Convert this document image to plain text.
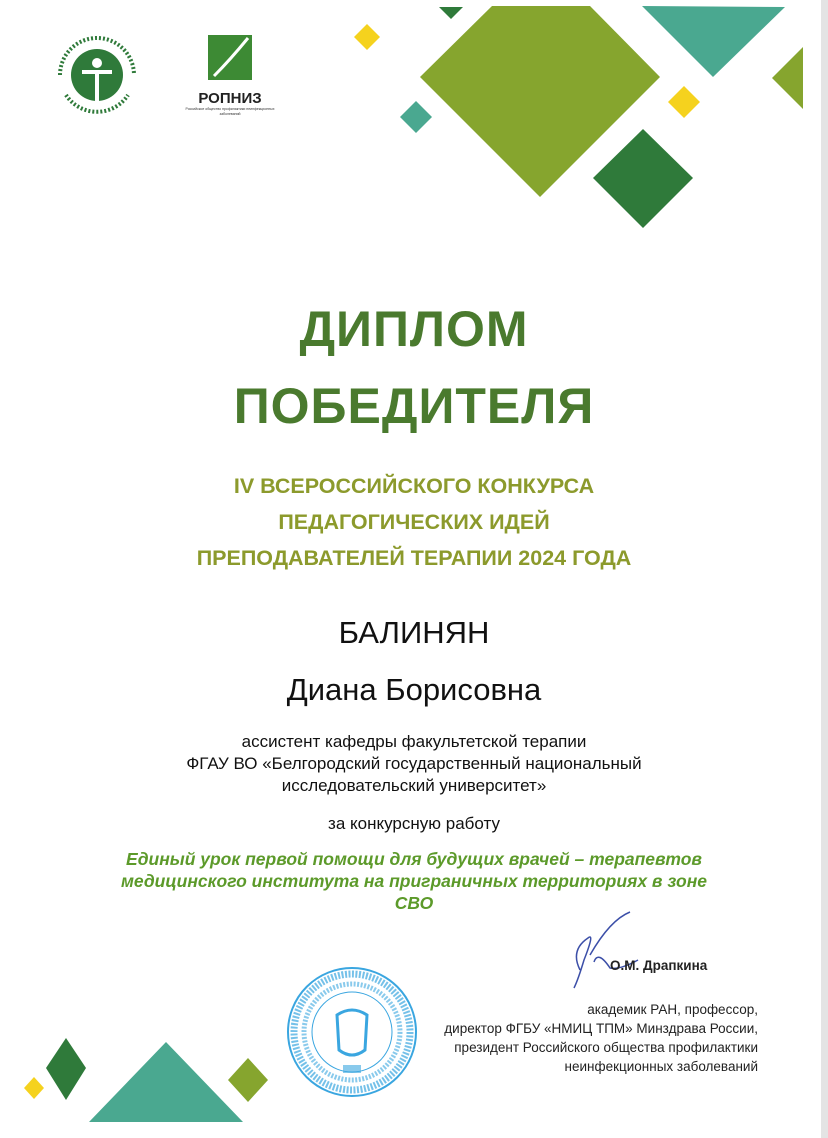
РОПНИЗ
Российское общество профилактики неинфекционных заболеваний
ДИПЛОМ
ПОБЕДИТЕЛЯ
IV ВСЕРОССИЙСКОГО КОНКУРСА
ПЕДАГОГИЧЕСКИХ ИДЕЙ
ПРЕПОДАВАТЕЛЕЙ ТЕРАПИИ 2024 ГОДА
БАЛИНЯН
Диана Борисовна
ассистент кафедры факультетской терапии
ФГАУ ВО «Белгородский государственный национальный
исследовательский университет»
за конкурсную работу
Единый урок первой помощи для будущих врачей – терапевтов
медицинского института на приграничных территориях в зоне
СВО
О.М. Драпкина
академик РАН, профессор,
директор ФГБУ «НМИЦ ТПМ» Минздрава России,
президент Российского общества профилактики
неинфекционных заболеваний
